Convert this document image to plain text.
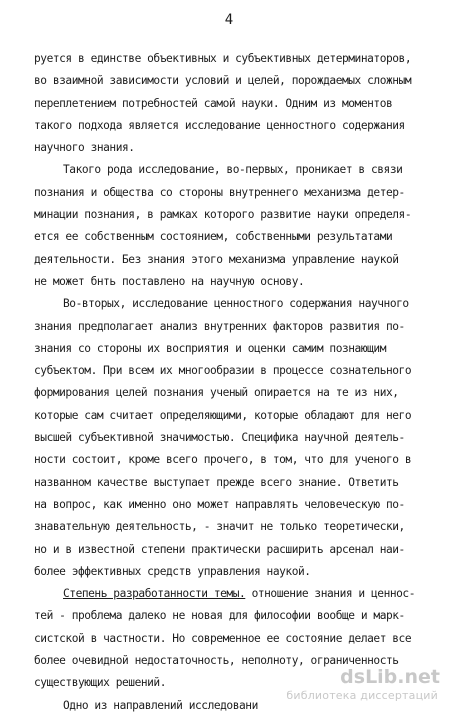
4
руется в единстве объективных и субъективных детерминаторов,
во взаимной зависимости условий и целей, порождаемых сложным
переплетением потребностей самой науки. Одним из моментов
такого подхода является исследование ценностного содержания
научного знания.
Такого рода исследование, во-первых, проникает в связи
познания и общества со стороны внутреннего механизма детер-
минации познания, в рамках которого развитие науки определя-
ется ее собственным состоянием, собственными результатами
деятельности. Без знания этого механизма управление наукой
не может бнть поставлено на научную основу.
Во-вторых, исследование ценностного содержания научного
знания предполагает анализ внутренних факторов развития по-
знания со стороны их восприятия и оценки самим познающим
субъектом. При всем их многообразии в процессе сознательного
формирования целей познания ученый опирается на те из них,
которые сам считает определяющими, которые обладают для него
высшей субъективной значимостью. Специфика научной деятель-
ности состоит, кроме всего прочего, в том, что для ученого в
названном качестве выступает прежде всего знание. Ответить
на вопрос, как именно оно может направлять человеческую по-
знавательную деятельность, - значит не только теоретически,
но и в известной степени практически расширить арсенал наи-
более эффективных средств управления наукой.
Степень разработанности темы. отношение знания и ценнос-
тей - проблема далеко не новая для философии вообще и марк-
систской в частности. Но современное ее состояние делает все
более очевидной недостаточность, неполноту, ограниченность
существующих решений.
Одно из направлений исследовани
dsLib.net
библиотека диссертаций
